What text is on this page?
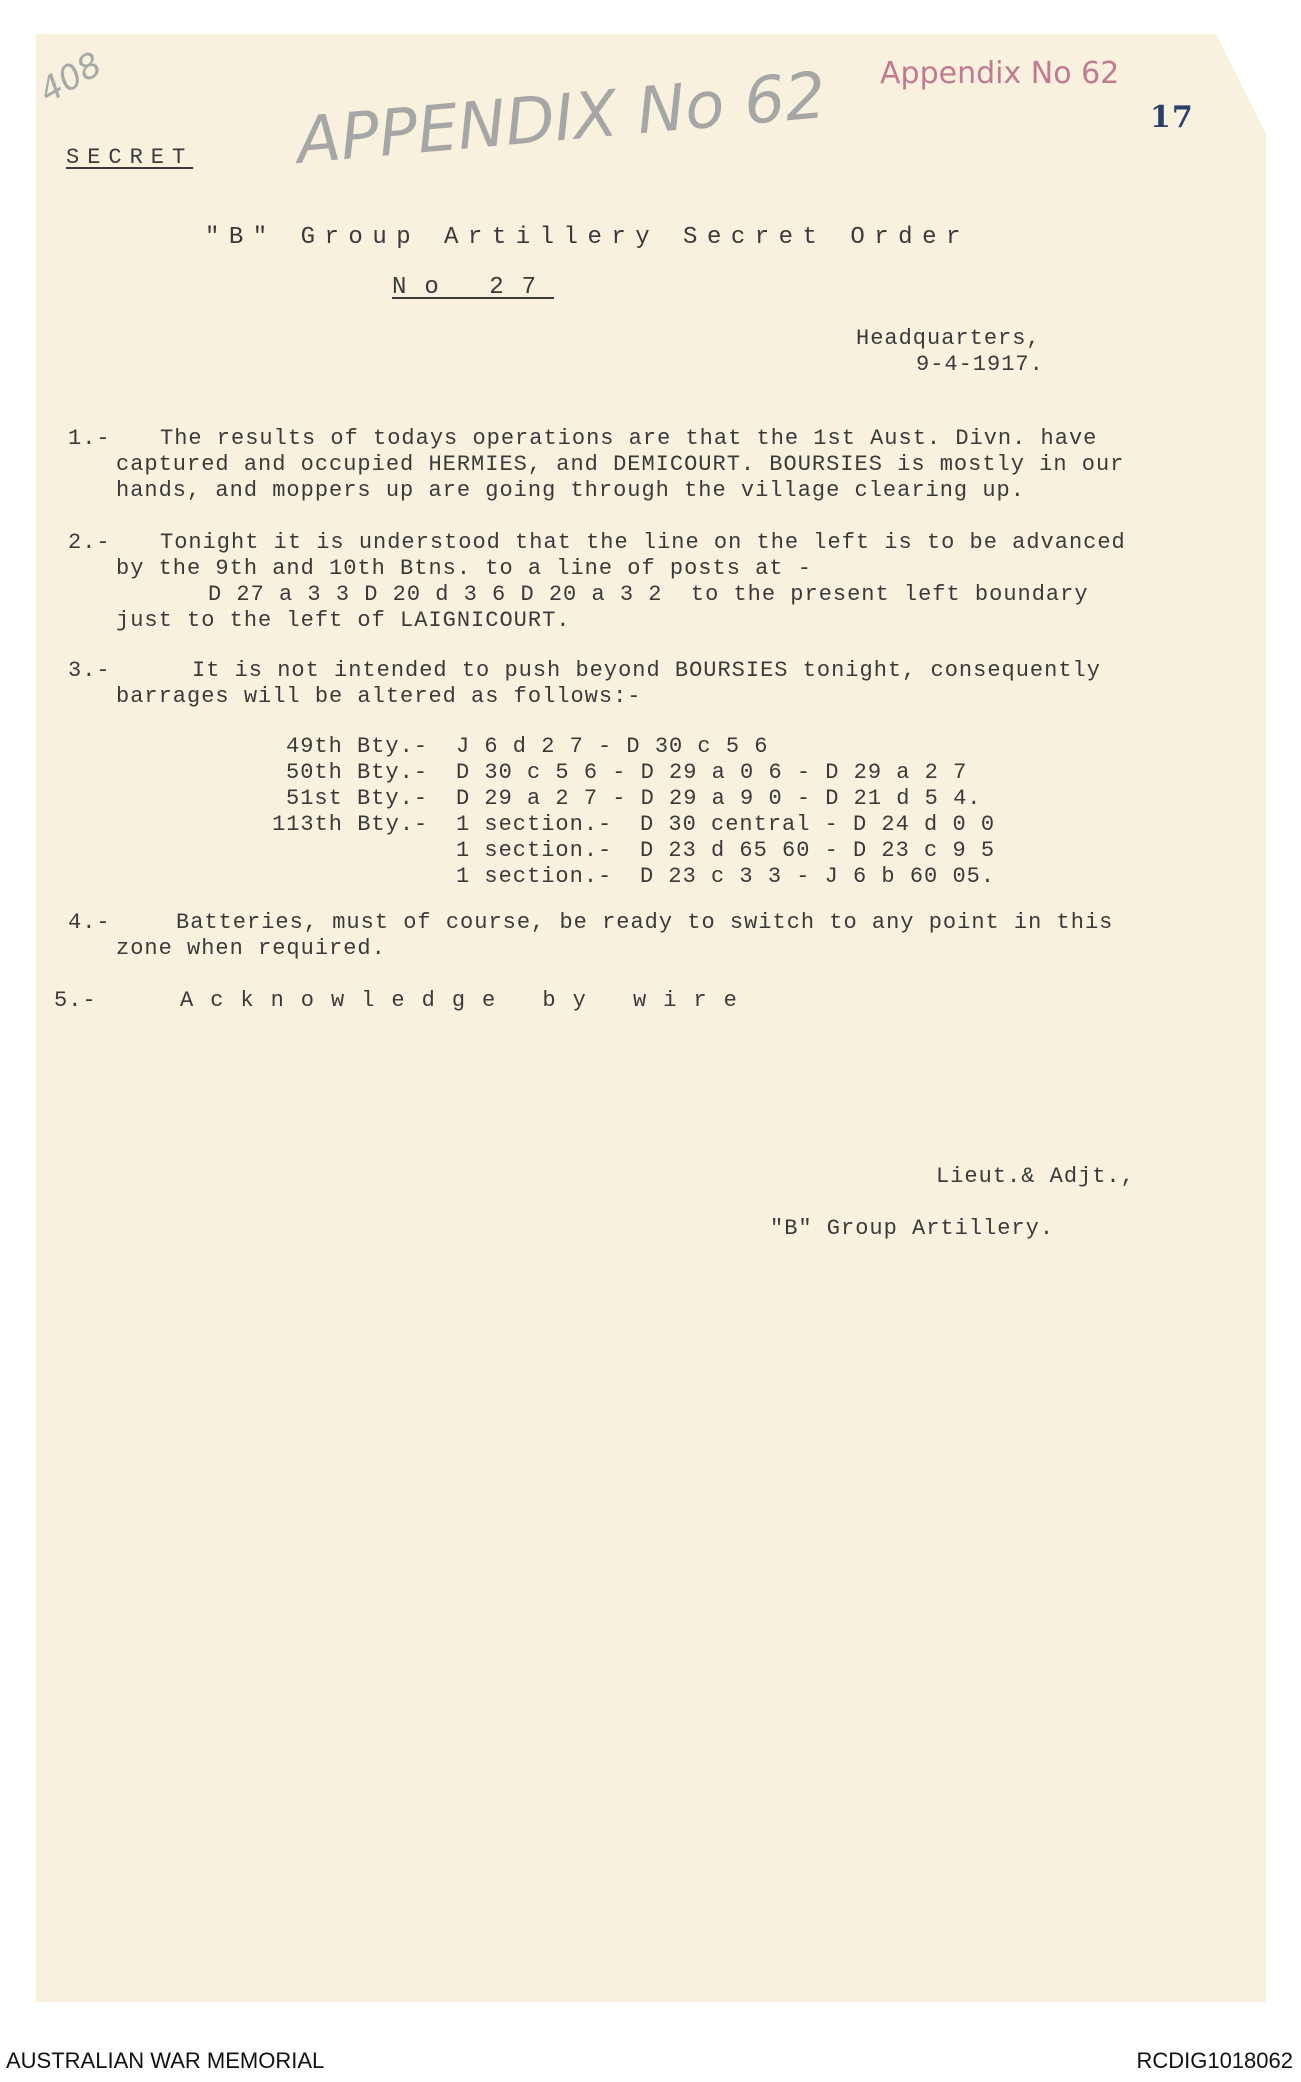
408	APPENDIX No 62 Appendix No 62
17
SECRET
"B" Group Artillery Secret Order
No 27
Headquarters,
9-4-1917.
1.- The results of todays operations are that the 1st Aust. Divn. have
captured and occupied HERMIES, and DEMICOURT. BOURSIES is mostly in our
hands, and moppers up are going through the village clearing up.
2.- Tonight it is understood that the line on the left is to be advanced
by the 9th and 10th Btns. to a line of posts at -
D 27 a 3 3 D 20 d 3 6 D 20 a 3 2  to the present left boundary
just to the left of LAIGNICOURT.
3.-	It is not intended to push beyond BOURSIES tonight, consequently
barrages will be altered as follows:-
49th Bty.- J 6 d 2 7 - D 30 c 5 6
50th Bty.- D 30 c 5 6 - D 29 a 0 6 - D 29 a 2 7
51st Bty.- D 29 a 2 7 - D 29 a 9 0 - D 21 d 5 4.
113th Bty.- 1 section.- D 30 central - D 24 d 0 0
1 section.- D 23 d 65 60 - D 23 c 9 5
1 section.- D 23 c 3 3 - J 6 b 60 05.
4.-	Batteries, must of course, be ready to switch to any point in this
zone when required.
5.-	Acknowledge by wire
Lieut.& Adjt.,
"B" Group Artillery.
AUSTRALIAN WAR MEMORIAL	RCDIG1018062
